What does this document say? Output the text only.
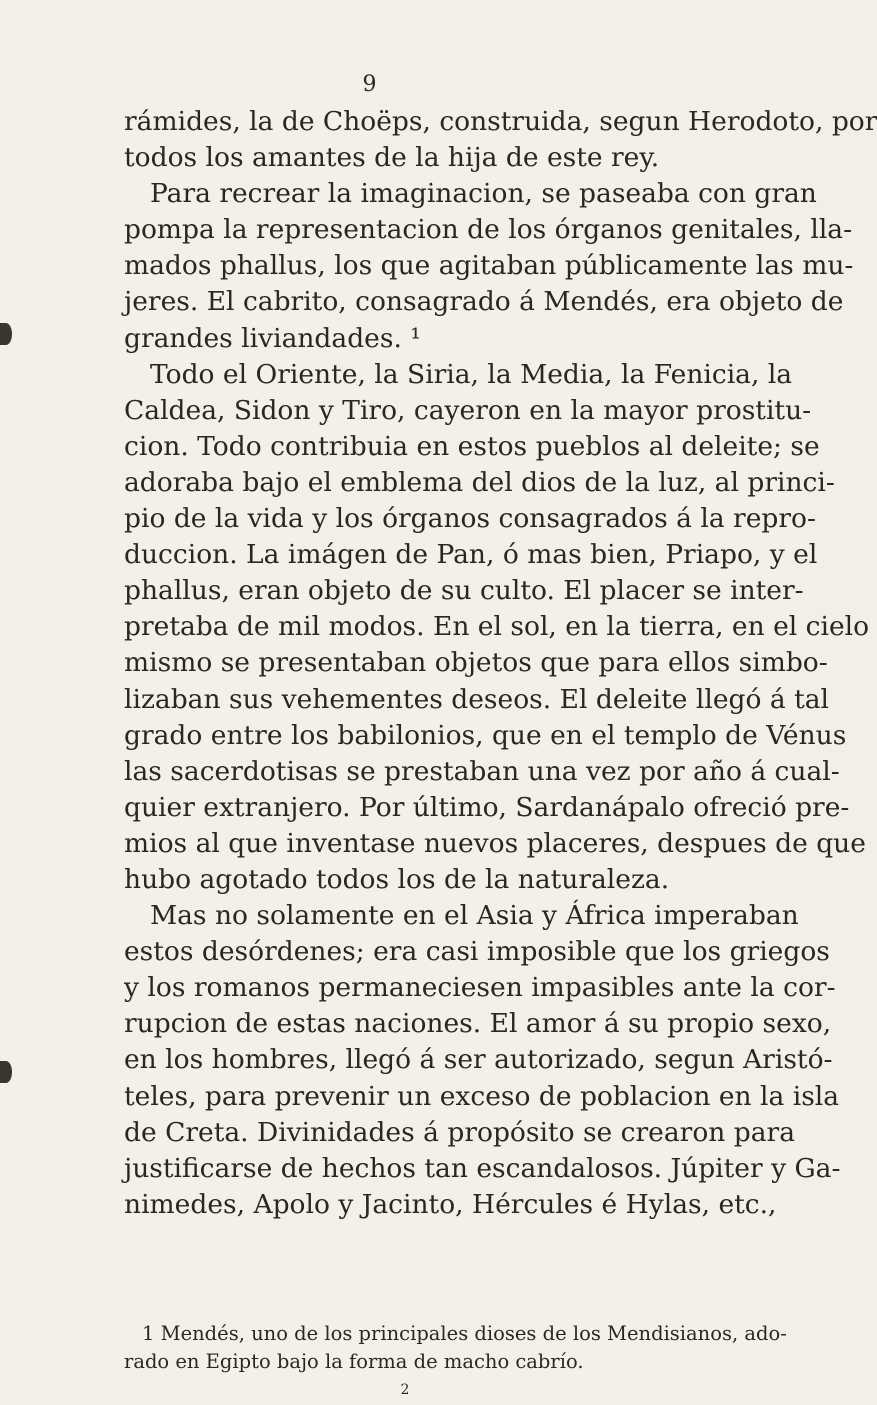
9
rámides, la de Choëps, construida, segun Herodoto, por
todos los amantes de la hija de este rey.
Para recrear la imaginacion, se paseaba con gran
pompa la representacion de los órganos genitales, lla-
mados phallus, los que agitaban públicamente las mu-
jeres. El cabrito, consagrado á Mendés, era objeto de
grandes liviandades. ¹
Todo el Oriente, la Siria, la Media, la Fenicia, la
Caldea, Sidon y Tiro, cayeron en la mayor prostitu-
cion. Todo contribuia en estos pueblos al deleite; se
adoraba bajo el emblema del dios de la luz, al princi-
pio de la vida y los órganos consagrados á la repro-
duccion. La imágen de Pan, ó mas bien, Priapo, y el
phallus, eran objeto de su culto. El placer se inter-
pretaba de mil modos. En el sol, en la tierra, en el cielo
mismo se presentaban objetos que para ellos simbo-
lizaban sus vehementes deseos. El deleite llegó á tal
grado entre los babilonios, que en el templo de Vénus
las sacerdotisas se prestaban una vez por año á cual-
quier extranjero. Por último, Sardanápalo ofreció pre-
mios al que inventase nuevos placeres, despues de que
hubo agotado todos los de la naturaleza.
Mas no solamente en el Asia y África imperaban
estos desórdenes; era casi imposible que los griegos
y los romanos permaneciesen impasibles ante la cor-
rupcion de estas naciones. El amor á su propio sexo,
en los hombres, llegó á ser autorizado, segun Aristó-
teles, para prevenir un exceso de poblacion en la isla
de Creta. Divinidades á propósito se crearon para
justificarse de hechos tan escandalosos. Júpiter y Ga-
nimedes, Apolo y Jacinto, Hércules é Hylas, etc.,
1 Mendés, uno de los principales dioses de los Mendisianos, ado-
rado en Egipto bajo la forma de macho cabrío.
2
